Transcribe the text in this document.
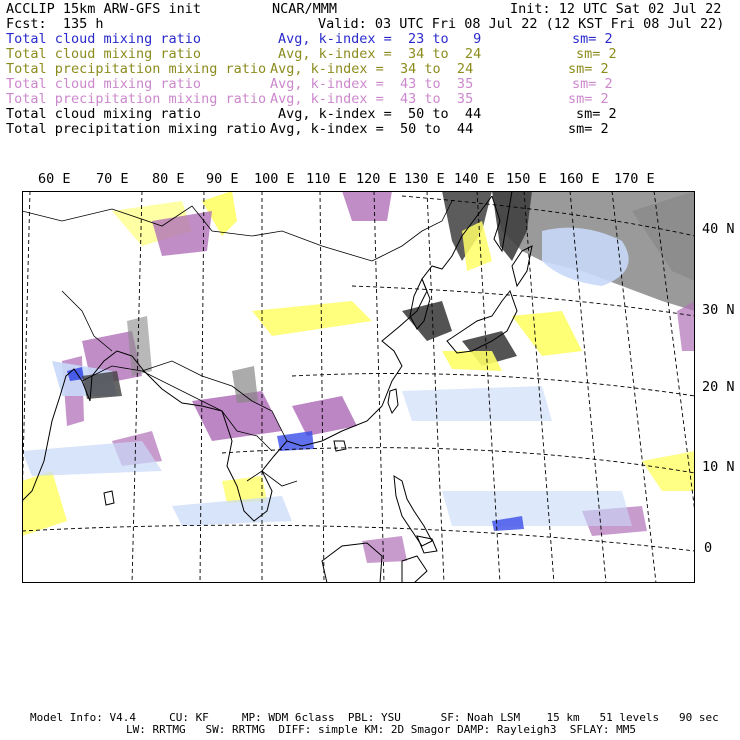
ACCLIP 15km ARW-GFS init	NCAR/MMM	Init: 12 UTC Sat 02 Jul 22
Fcst:  135 h	Valid: 03 UTC Fri 08 Jul 22 (12 KST Fri 08 Jul 22)
Total cloud mixing ratio	Avg, k-index =  23 to   9	sm= 2
Total cloud mixing ratio	Avg, k-index =  34 to  24	sm= 2
Total precipitation mixing ratio Avg, k-index =  34 to  24	sm= 2
Total cloud mixing ratio	Avg, k-index =  43 to  35	sm= 2
Total precipitation mixing ratio Avg, k-index =  43 to  35	sm= 2
Total cloud mixing ratio	Avg, k-index =  50 to  44	sm= 2
Total precipitation mixing ratio Avg, k-index =  50 to  44	sm= 2
60 E 70 E 80 E 90 E 100 E 110 E 120 E 130 E 140 E 150 E 160 E 170 E
40 N
30 N
20 N
10 N
0
Model Info: V4.4     CU: KF     MP: WDM 6class  PBL: YSU      SF: Noah LSM    15 km   51 levels   90 sec
LW: RRTMG   SW: RRTMG  DIFF: simple KM: 2D Smagor DAMP: Rayleigh3  SFLAY: MM5
